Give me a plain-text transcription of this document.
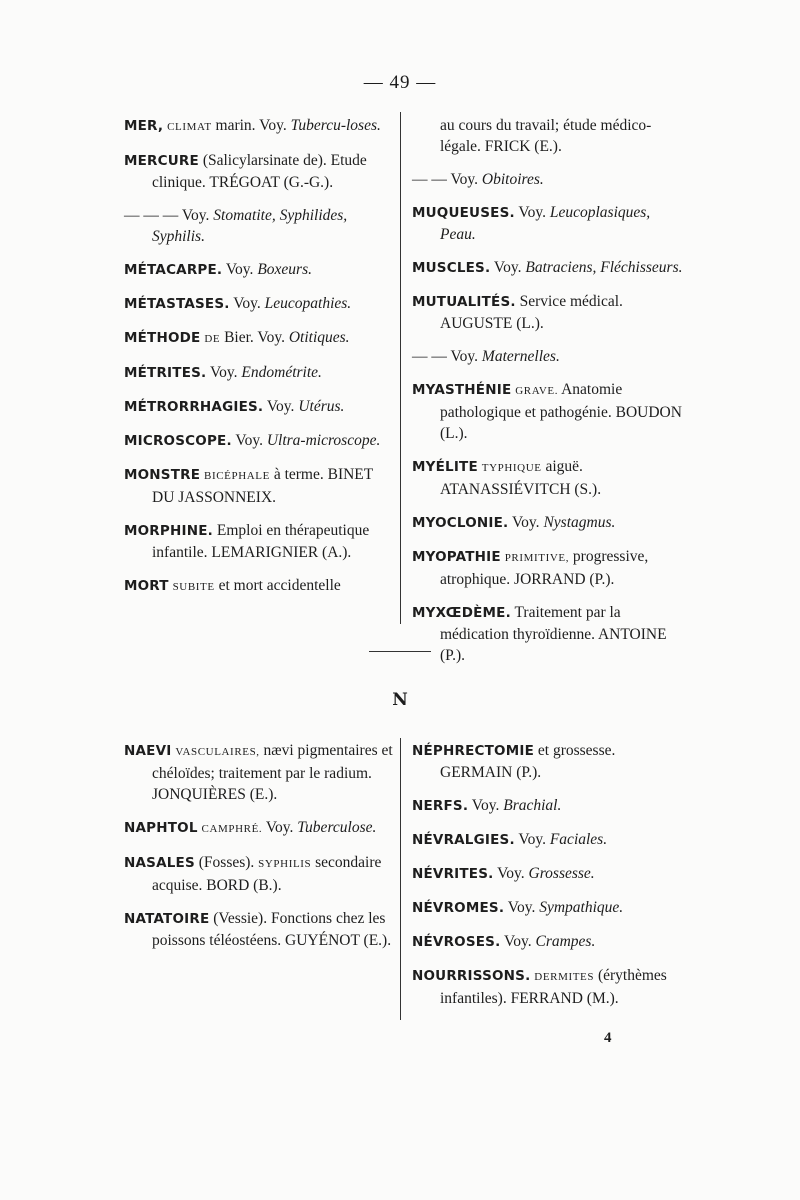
— 49 —
N

MER, CLIMAT marin. Voy. Tubercu-loses.

MERCURE (Salicylarsinate de). Etude clinique. TRÉGOAT (G.-G.).

— — — Voy. Stomatite, Syphilides, Syphilis.

MÉTACARPE. Voy. Boxeurs.

MÉTASTASES. Voy. Leucopathies.

MÉTHODE DE Bier. Voy. Otitiques.

MÉTRITES. Voy. Endométrite.

MÉTRORRHAGIES. Voy. Utérus.

MICROSCOPE. Voy. Ultra-microscope.

MONSTRE BICÉPHALE à terme. BINET DU JASSONNEIX.

MORPHINE. Emploi en thérapeutique infantile. LEMARIGNIER (A.).

MORT SUBITE et mort accidentelle

au cours du travail; étude médico-légale. FRICK (E.).

— — Voy. Obitoires.

MUQUEUSES. Voy. Leucoplasiques, Peau.

MUSCLES. Voy. Batraciens, Fléchisseurs.

MUTUALITÉS. Service médical. AUGUSTE (L.).

— — Voy. Maternelles.

MYASTHÉNIE GRAVE. Anatomie pathologique et pathogénie. BOUDON (L.).

MYÉLITE TYPHIQUE aiguë. ATANASSIÉVITCH (S.).

MYOCLONIE. Voy. Nystagmus.

MYOPATHIE PRIMITIVE, progressive, atrophique. JORRAND (P.).

MYXŒDÈME. Traitement par la médication thyroïdienne. ANTOINE (P.).

NAEVI VASCULAIRES, nævi pigmentaires et chéloïdes; traitement par le radium. JONQUIÈRES (E.).

NAPHTOL CAMPHRÉ. Voy. Tuberculose.

NASALES (Fosses). SYPHILIS secondaire acquise. BORD (B.).

NATATOIRE (Vessie). Fonctions chez les poissons téléostéens. GUYÉNOT (E.).

NÉPHRECTOMIE et grossesse. GERMAIN (P.).

NERFS. Voy. Brachial.

NÉVRALGIES. Voy. Faciales.

NÉVRITES. Voy. Grossesse.

NÉVROMES. Voy. Sympathique.

NÉVROSES. Voy. Crampes.

NOURRISSONS. DERMITES (érythèmes infantiles). FERRAND (M.).

4
